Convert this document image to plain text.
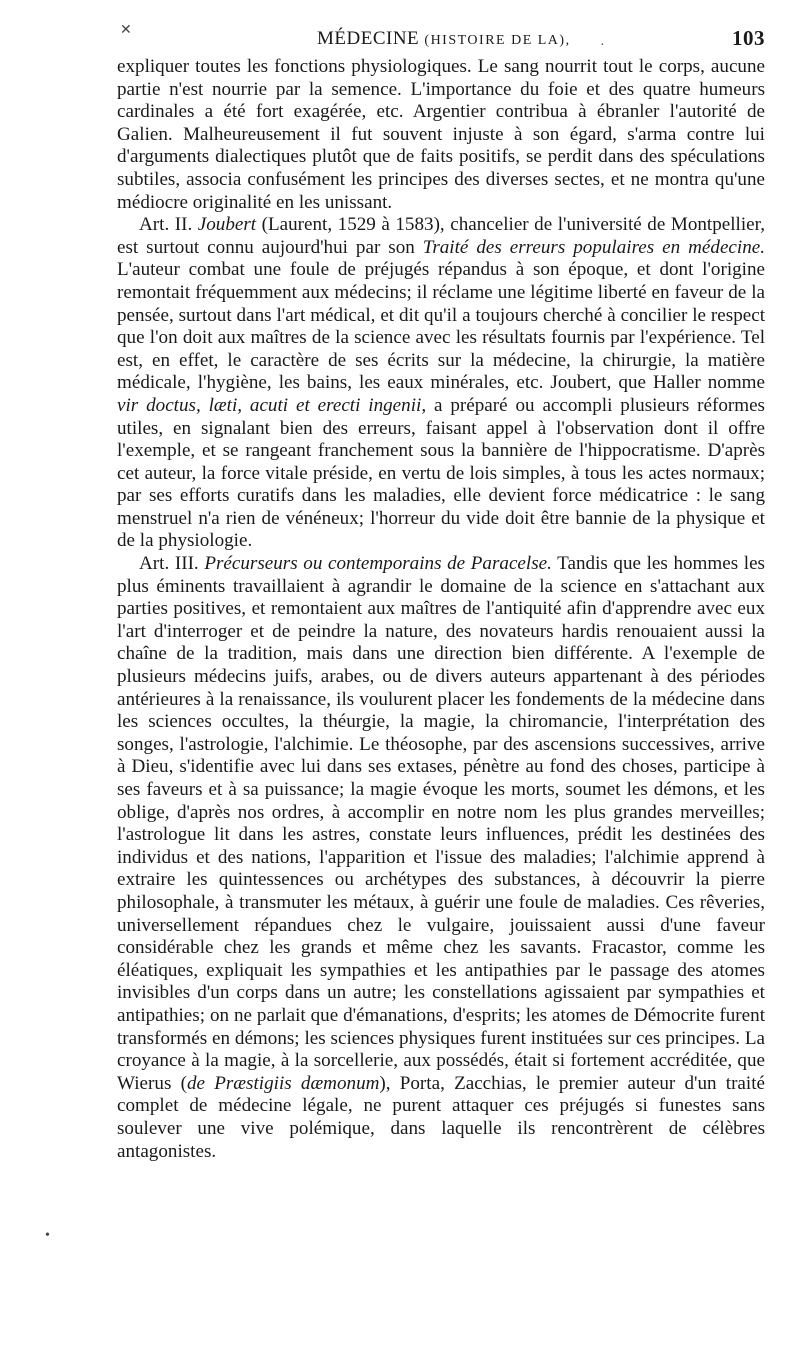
MÉDECINE (HISTOIRE DE LA),	103

expliquer toutes les fonctions physiologiques. Le sang nourrit tout le corps, aucune partie n'est nourrie par la semence. L'importance du foie et des quatre humeurs cardinales a été fort exagérée, etc. Argentier contribua à ébranler l'autorité de Galien. Malheureusement il fut souvent injuste à son égard, s'arma contre lui d'arguments dialectiques plutôt que de faits positifs, se perdit dans des spéculations subtiles, associa confusément les principes des diverses sectes, et ne montra qu'une médiocre originalité en les unissant.

Art. II. Joubert (Laurent, 1529 à 1583), chancelier de l'université de Montpellier, est surtout connu aujourd'hui par son Traité des erreurs populaires en médecine. L'auteur combat une foule de préjugés répandus à son époque, et dont l'origine remontait fréquemment aux médecins; il réclame une légitime liberté en faveur de la pensée, surtout dans l'art médical, et dit qu'il a toujours cherché à concilier le respect que l'on doit aux maîtres de la science avec les résultats fournis par l'expérience. Tel est, en effet, le caractère de ses écrits sur la médecine, la chirurgie, la matière médicale, l'hygiène, les bains, les eaux minérales, etc. Joubert, que Haller nomme vir doctus, læti, acuti et erecti ingenii, a préparé ou accompli plusieurs réformes utiles, en signalant bien des erreurs, faisant appel à l'observation dont il offre l'exemple, et se rangeant franchement sous la bannière de l'hippocratisme. D'après cet auteur, la force vitale préside, en vertu de lois simples, à tous les actes normaux; par ses efforts curatifs dans les maladies, elle devient force médicatrice : le sang menstruel n'a rien de vénéneux; l'horreur du vide doit être bannie de la physique et de la physiologie.

Art. III. Précurseurs ou contemporains de Paracelse. Tandis que les hommes les plus éminents travaillaient à agrandir le domaine de la science en s'attachant aux parties positives, et remontaient aux maîtres de l'antiquité afin d'apprendre avec eux l'art d'interroger et de peindre la nature, des novateurs hardis renouaient aussi la chaîne de la tradition, mais dans une direction bien différente. A l'exemple de plusieurs médecins juifs, arabes, ou de divers auteurs appartenant à des périodes antérieures à la renaissance, ils voulurent placer les fondements de la médecine dans les sciences occultes, la théurgie, la magie, la chiromancie, l'interprétation des songes, l'astrologie, l'alchimie. Le théosophe, par des ascensions successives, arrive à Dieu, s'identifie avec lui dans ses extases, pénètre au fond des choses, participe à ses faveurs et à sa puissance; la magie évoque les morts, soumet les démons, et les oblige, d'après nos ordres, à accomplir en notre nom les plus grandes merveilles; l'astrologue lit dans les astres, constate leurs influences, prédit les destinées des individus et des nations, l'apparition et l'issue des maladies; l'alchimie apprend à extraire les quintessences ou archétypes des substances, à découvrir la pierre philosophale, à transmuter les métaux, à guérir une foule de maladies. Ces rêveries, universellement répandues chez le vulgaire, jouissaient aussi d'une faveur considérable chez les grands et même chez les savants. Fracastor, comme les éléatiques, expliquait les sympathies et les antipathies par le passage des atomes invisibles d'un corps dans un autre; les constellations agissaient par sympathies et antipathies; on ne parlait que d'émanations, d'esprits; les atomes de Démocrite furent transformés en démons; les sciences physiques furent instituées sur ces principes. La croyance à la magie, à la sorcellerie, aux possédés, était si fortement accréditée, que Wierus (de Præstigiis dæmonum), Porta, Zacchias, le premier auteur d'un traité complet de médecine légale, ne purent attaquer ces préjugés si funestes sans soulever une vive polémique, dans laquelle ils rencontrèrent de célèbres antagonistes.

✕
·
•
